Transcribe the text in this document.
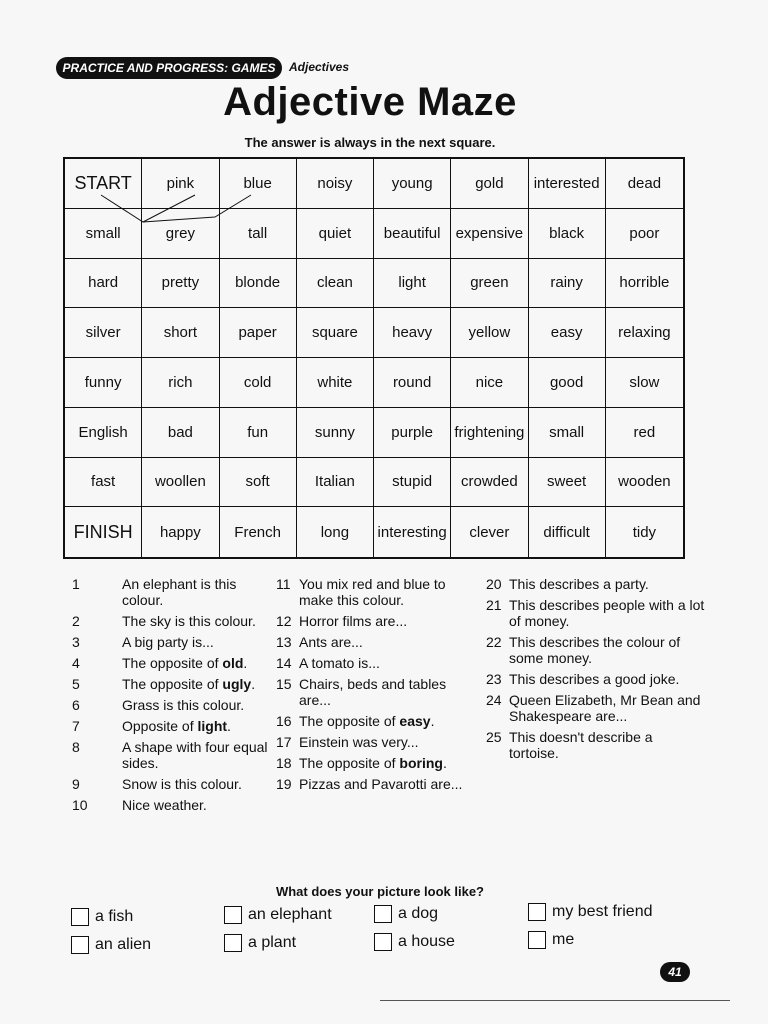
PRACTICE AND PROGRESS: GAMES	Adjectives
Adjective Maze
The answer is always in the next square.
START	pink	blue	noisy	young	gold	interested	dead
small	grey	tall	quiet	beautiful	expensive	black	poor
hard	pretty	blonde	clean	light	green	rainy	horrible
silver	short	paper	square	heavy	yellow	easy	relaxing
funny	rich	cold	white	round	nice	good	slow
English	bad	fun	sunny	purple	frightening	small	red
fast	woollen	soft	Italian	stupid	crowded	sweet	wooden
FINISH	happy	French	long	interesting	clever	difficult	tidy
1	An elephant is this colour.
2	The sky is this colour.
3	A big party is...
4	The opposite of old.
5	The opposite of ugly.
6	Grass is this colour.
7	Opposite of light.
8	A shape with four equal sides.
9	Snow is this colour.
10 Nice weather.
11 You mix red and blue to make this colour.
12 Horror films are...
13 Ants are...
14 A tomato is...
15 Chairs, beds and tables are...
16 The opposite of easy.
17 Einstein was very...
18 The opposite of boring.
19 Pizzas and Pavarotti are...
20 This describes a party.
21 This describes people with a lot of money.
22 This describes the colour of some money.
23 This describes a good joke.
24 Queen Elizabeth, Mr Bean and Shakespeare are...
25 This doesn't describe a tortoise.
What does your picture look like?
a fish	an elephant	a dog	my best friend
an alien	a plant	a house	me
41
